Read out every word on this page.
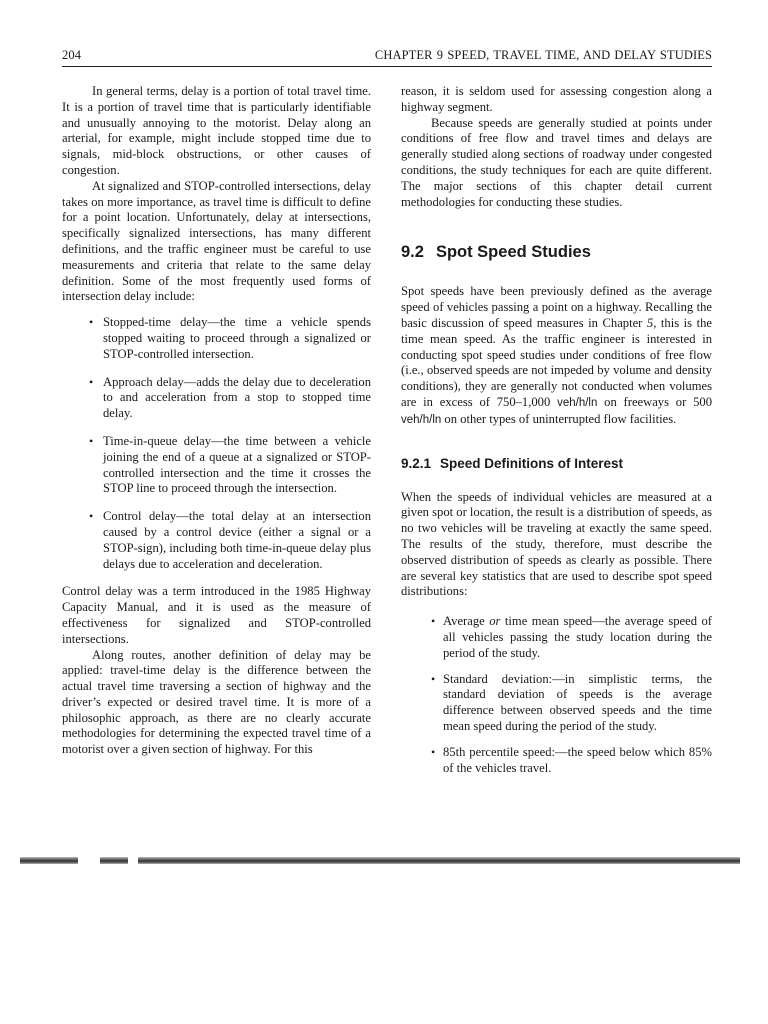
204	CHAPTER 9 SPEED, TRAVEL TIME, AND DELAY STUDIES

In general terms, delay is a portion of total travel time. It is a portion of travel time that is particularly identifiable and unusually annoying to the motorist. Delay along an arterial, for example, might include stopped time due to signals, mid-block obstructions, or other causes of congestion.

At signalized and STOP-controlled intersections, delay takes on more importance, as travel time is difficult to define for a point location. Unfortunately, delay at intersections, specifically signalized intersections, has many different definitions, and the traffic engineer must be careful to use measurements and criteria that relate to the same delay definition. Some of the most frequently used forms of intersection delay include:

• Stopped-time delay—the time a vehicle spends stopped waiting to proceed through a signalized or STOP-controlled intersection.
• Approach delay—adds the delay due to deceleration to and acceleration from a stop to stopped time delay.
• Time-in-queue delay—the time between a vehicle joining the end of a queue at a signalized or STOP-controlled intersection and the time it crosses the STOP line to proceed through the intersection.
• Control delay—the total delay at an intersection caused by a control device (either a signal or a STOP-sign), including both time-in-queue delay plus delays due to acceleration and deceleration.

Control delay was a term introduced in the 1985 Highway Capacity Manual, and it is used as the measure of effectiveness for signalized and STOP-controlled intersections.

Along routes, another definition of delay may be applied: travel-time delay is the difference between the actual travel time traversing a section of highway and the driver’s expected or desired travel time. It is more of a philosophic approach, as there are no clearly accurate methodologies for determining the expected travel time of a motorist over a given section of highway. For this

reason, it is seldom used for assessing congestion along a highway segment.

Because speeds are generally studied at points under conditions of free flow and travel times and delays are generally studied along sections of roadway under congested conditions, the study techniques for each are quite different. The major sections of this chapter detail current methodologies for conducting these studies.

9.2 Spot Speed Studies

Spot speeds have been previously defined as the average speed of vehicles passing a point on a highway. Recalling the basic discussion of speed measures in Chapter 5, this is the time mean speed. As the traffic engineer is interested in conducting spot speed studies under conditions of free flow (i.e., observed speeds are not impeded by volume and density conditions), they are generally not conducted when volumes are in excess of 750–1,000 veh/h/ln on freeways or 500 veh/h/ln on other types of uninterrupted flow facilities.

9.2.1 Speed Definitions of Interest

When the speeds of individual vehicles are measured at a given spot or location, the result is a distribution of speeds, as no two vehicles will be traveling at exactly the same speed. The results of the study, therefore, must describe the observed distribution of speeds as clearly as possible. There are several key statistics that are used to describe spot speed distributions:

• Average or time mean speed—the average speed of all vehicles passing the study location during the period of the study.
• Standard deviation:—in simplistic terms, the standard deviation of speeds is the average difference between observed speeds and the time mean speed during the period of the study.
• 85th percentile speed:—the speed below which 85% of the vehicles travel.
